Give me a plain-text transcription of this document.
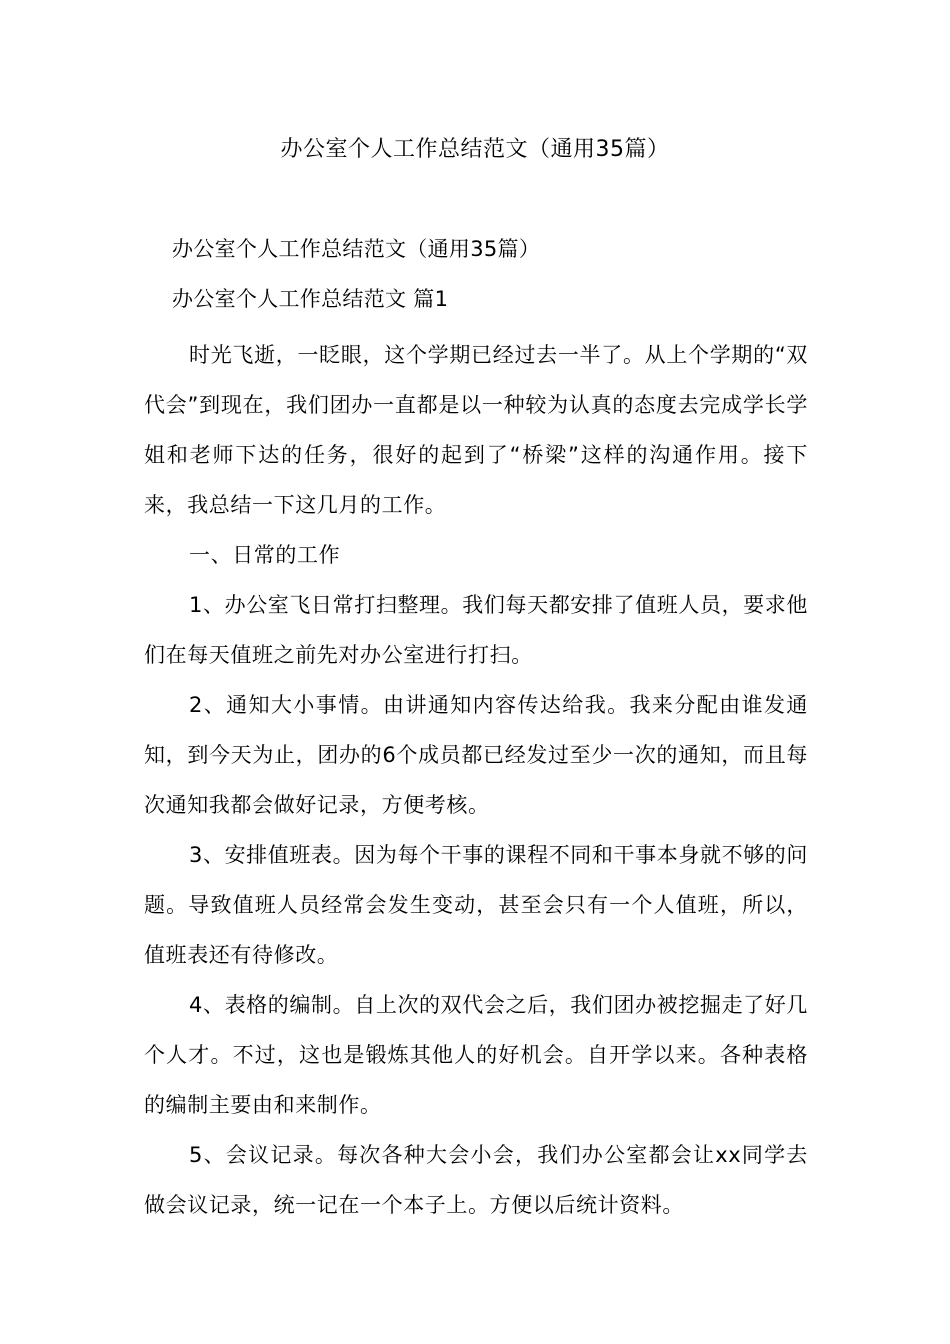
办公室个人工作总结范文（通用35篇）

办公室个人工作总结范文（通用35篇）

办公室个人工作总结范文 篇1

时光飞逝，一眨眼，这个学期已经过去一半了。从上个学期的“双代会”到现在，我们团办一直都是以一种较为认真的态度去完成学长学姐和老师下达的任务，很好的起到了“桥梁”这样的沟通作用。接下来，我总结一下这几月的工作。

一、日常的工作

1、办公室飞日常打扫整理。我们每天都安排了值班人员，要求他们在每天值班之前先对办公室进行打扫。

2、通知大小事情。由讲通知内容传达给我。我来分配由谁发通知，到今天为止，团办的6个成员都已经发过至少一次的通知，而且每次通知我都会做好记录，方便考核。

3、安排值班表。因为每个干事的课程不同和干事本身就不够的问题。导致值班人员经常会发生变动，甚至会只有一个人值班，所以，值班表还有待修改。

4、表格的编制。自上次的双代会之后，我们团办被挖掘走了好几个人才。不过，这也是锻炼其他人的好机会。自开学以来。各种表格的编制主要由和来制作。

5、会议记录。每次各种大会小会，我们办公室都会让xx同学去做会议记录，统一记在一个本子上。方便以后统计资料。
